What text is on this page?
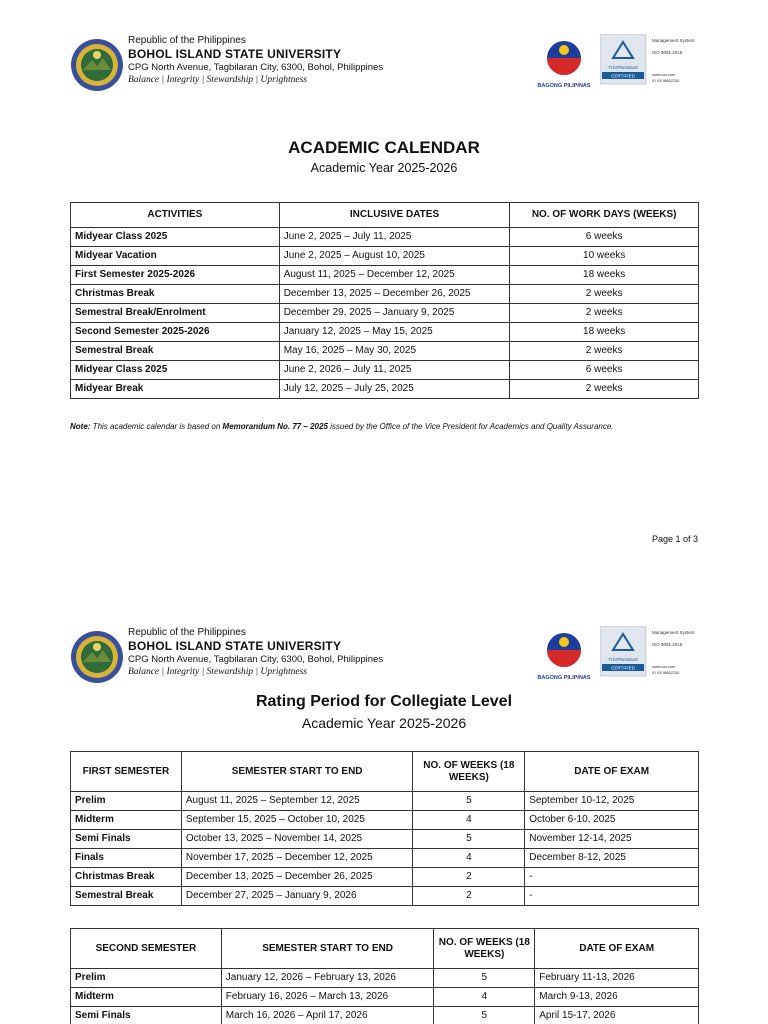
Republic of the Philippines
BOHOL ISLAND STATE UNIVERSITY
CPG North Avenue, Tagbilaran City, 6300, Bohol, Philippines
Balance | Integrity | Stewardship | Uprightness
BAGONG PILIPINAS
TÜVRheinland
CERTIFIED
Management System
ISO 9001:2015
www.tuv.com
ID 9108682230
ACADEMIC CALENDAR
Academic Year 2025-2026
ACTIVITIES	INCLUSIVE DATES	NO. OF WORK DAYS (WEEKS)
Midyear Class 2025	June 2, 2025 – July 11, 2025	6 weeks
Midyear Vacation	June 2, 2025 – August 10, 2025	10 weeks
First Semester 2025-2026	August 11, 2025 – December 12, 2025	18 weeks
Christmas Break	December 13, 2025 – December 26, 2025	2 weeks
Semestral Break/Enrolment	December 29, 2025 – January 9, 2025	2 weeks
Second Semester 2025-2026	January 12, 2025 – May 15, 2025	18 weeks
Semestral Break	May 16, 2025 – May 30, 2025	2 weeks
Midyear Class 2025	June 2, 2026 – July 11, 2025	6 weeks
Midyear Break	July 12, 2025 – July 25, 2025	2 weeks
Note: This academic calendar is based on Memorandum No. 77 – 2025 issued by the Office of the Vice President for Academics and Quality Assurance.
Page 1 of 3
Republic of the Philippines
BOHOL ISLAND STATE UNIVERSITY
CPG North Avenue, Tagbilaran City, 6300, Bohol, Philippines
Balance | Integrity | Stewardship | Uprightness
BAGONG PILIPINAS
TÜVRheinland
CERTIFIED
Management System
ISO 9001:2015
www.tuv.com
ID 9108682230
Rating Period for Collegiate Level
Academic Year 2025-2026
FIRST SEMESTER	SEMESTER START TO END	NO. OF WEEKS (18 WEEKS)	DATE OF EXAM
Prelim	August 11, 2025 – September 12, 2025	5	September 10-12, 2025
Midterm	September 15, 2025 – October 10, 2025	4	October 6-10, 2025
Semi Finals	October 13, 2025 – November 14, 2025	5	November 12-14, 2025
Finals	November 17, 2025 – December 12, 2025	4	December 8-12, 2025
Christmas Break	December 13, 2025 – December 26, 2025	2	-
Semestral Break	December 27, 2025 – January 9, 2026	2	-
SECOND SEMESTER	SEMESTER START TO END	NO. OF WEEKS (18 WEEKS)	DATE OF EXAM
Prelim	January 12, 2026 – February 13, 2026	5	February 11-13, 2026
Midterm	February 16, 2026 – March 13, 2026	4	March 9-13, 2026
Semi Finals	March 16, 2026 – April 17, 2026	5	April 15-17, 2026
